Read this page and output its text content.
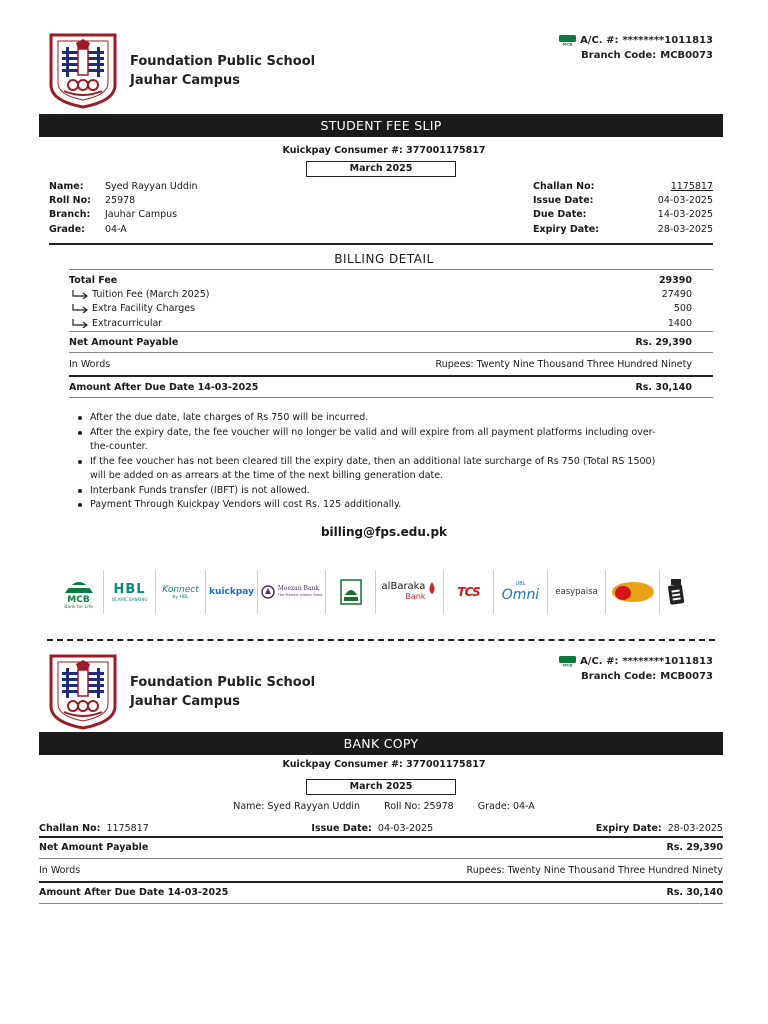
Foundation Public School
Jauhar Campus
MCB A/C. #: ********1011813
Branch Code: MCB0073
STUDENT FEE SLIP
Kuickpay Consumer #: 377001175817
March 2025
Name:	Syed Rayyan Uddin
Roll No:	25978
Branch:	Jauhar Campus
Grade:	04-A
Challan No:	1175817
Issue Date:	04-03-2025
Due Date:	14-03-2025
Expiry Date:	28-03-2025
BILLING DETAIL
Total Fee	29390
Tuition Fee (March 2025)	27490
Extra Facility Charges	500
Extracurricular	1400
Net Amount Payable	Rs. 29,390
In Words	Rupees: Twenty Nine Thousand Three Hundred Ninety
Amount After Due Date 14-03-2025	Rs. 30,140
After the due date, late charges of Rs 750 will be incurred.
After the expiry date, the fee voucher will no longer be valid and will expire from all payment platforms including over-the-counter.
If the fee voucher has not been cleared till the expiry date, then an additional late surcharge of Rs 750 (Total RS 1500) will be added on as arrears at the time of the next billing generation date.
Interbank Funds transfer (IBFT) is not allowed.
Payment Through Kuickpay Vendors will cost Rs. 125 additionally.
billing@fps.edu.pk
MCB
Bank for Life
HBL
ISLAMIC BANKING
Konnect
by HBL kuickpay	Meezan Bank
The Premier Islamic Bank
alBaraka
Bank	TCS
UBL
Omni easypaisa
Foundation Public School
Jauhar Campus
MCB A/C. #: ********1011813
Branch Code: MCB0073
BANK COPY
Kuickpay Consumer #: 377001175817
March 2025
Name: Syed Rayyan Uddin	Roll No: 25978	Grade: 04-A
Challan No: 1175817	Issue Date: 04-03-2025	Expiry Date: 28-03-2025
Net Amount Payable	Rs. 29,390
In Words	Rupees: Twenty Nine Thousand Three Hundred Ninety
Amount After Due Date 14-03-2025	Rs. 30,140
